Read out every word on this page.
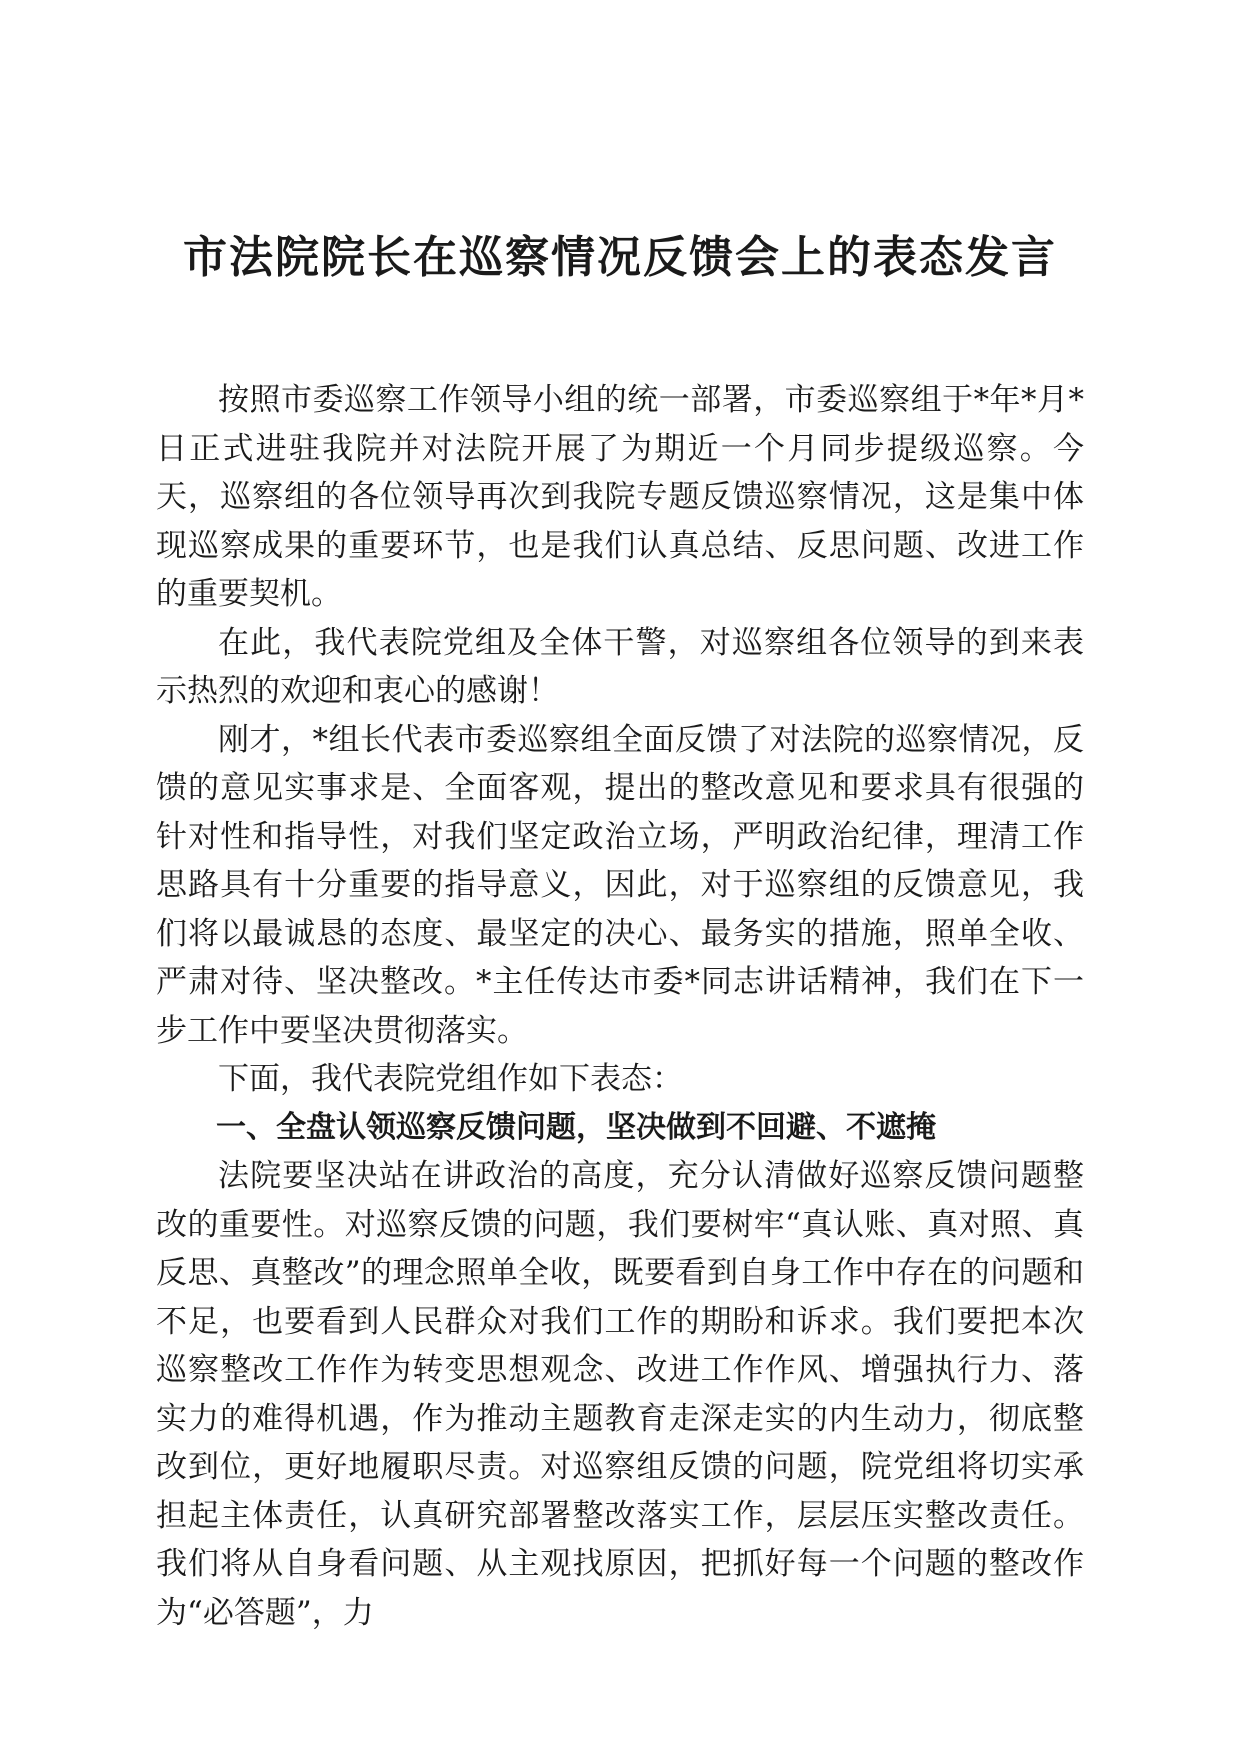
市法院院长在巡察情况反馈会上的表态发言

按照市委巡察工作领导小组的统一部署，市委巡察组于*年*月*日正式进驻我院并对法院开展了为期近一个月同步提级巡察。今天，巡察组的各位领导再次到我院专题反馈巡察情况，这是集中体现巡察成果的重要环节，也是我们认真总结、反思问题、改进工作的重要契机。

在此，我代表院党组及全体干警，对巡察组各位领导的到来表示热烈的欢迎和衷心的感谢！

刚才，*组长代表市委巡察组全面反馈了对法院的巡察情况，反馈的意见实事求是、全面客观，提出的整改意见和要求具有很强的针对性和指导性，对我们坚定政治立场，严明政治纪律，理清工作思路具有十分重要的指导意义，因此，对于巡察组的反馈意见，我们将以最诚恳的态度、最坚定的决心、最务实的措施，照单全收、严肃对待、坚决整改。*主任传达市委*同志讲话精神，我们在下一步工作中要坚决贯彻落实。

下面，我代表院党组作如下表态：

一、全盘认领巡察反馈问题，坚决做到不回避、不遮掩

法院要坚决站在讲政治的高度，充分认清做好巡察反馈问题整改的重要性。对巡察反馈的问题，我们要树牢“真认账、真对照、真反思、真整改”的理念照单全收，既要看到自身工作中存在的问题和不足，也要看到人民群众对我们工作的期盼和诉求。我们要把本次巡察整改工作作为转变思想观念、改进工作作风、增强执行力、落实力的难得机遇，作为推动主题教育走深走实的内生动力，彻底整改到位，更好地履职尽责。对巡察组反馈的问题，院党组将切实承担起主体责任，认真研究部署整改落实工作，层层压实整改责任。我们将从自身看问题、从主观找原因，把抓好每一个问题的整改作为“必答题”，力
